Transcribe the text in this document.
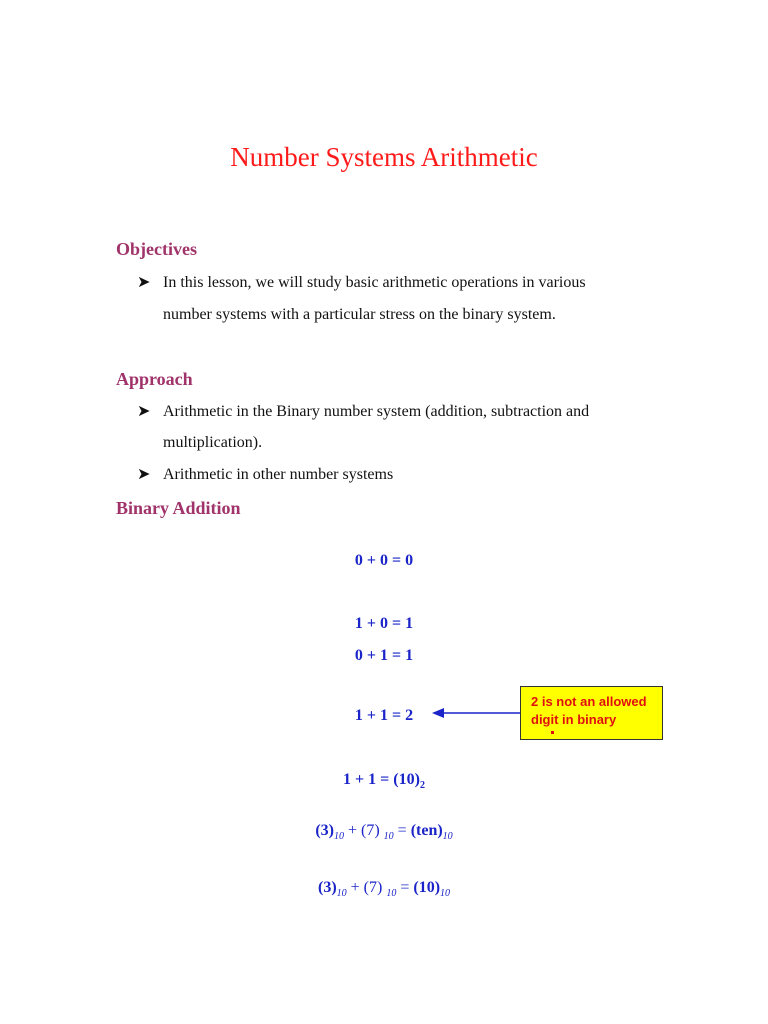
Number Systems Arithmetic
Objectives
➤ In this lesson, we will study basic arithmetic operations in various
number systems with a particular stress on the binary system.
Approach
➤ Arithmetic in the Binary number system (addition, subtraction and
multiplication).
➤ Arithmetic in other number systems
Binary Addition
0 + 0 = 0
1 + 0 = 1
0 + 1 = 1
1 + 1 = 2
$1 + 1 = (10)_2$
$(3)_{10} + (7) _{10} = (ten)_{10}$
$(3)_{10} + (7) _{10} = (10)_{10}$
2 is not an allowed
digit in binary
